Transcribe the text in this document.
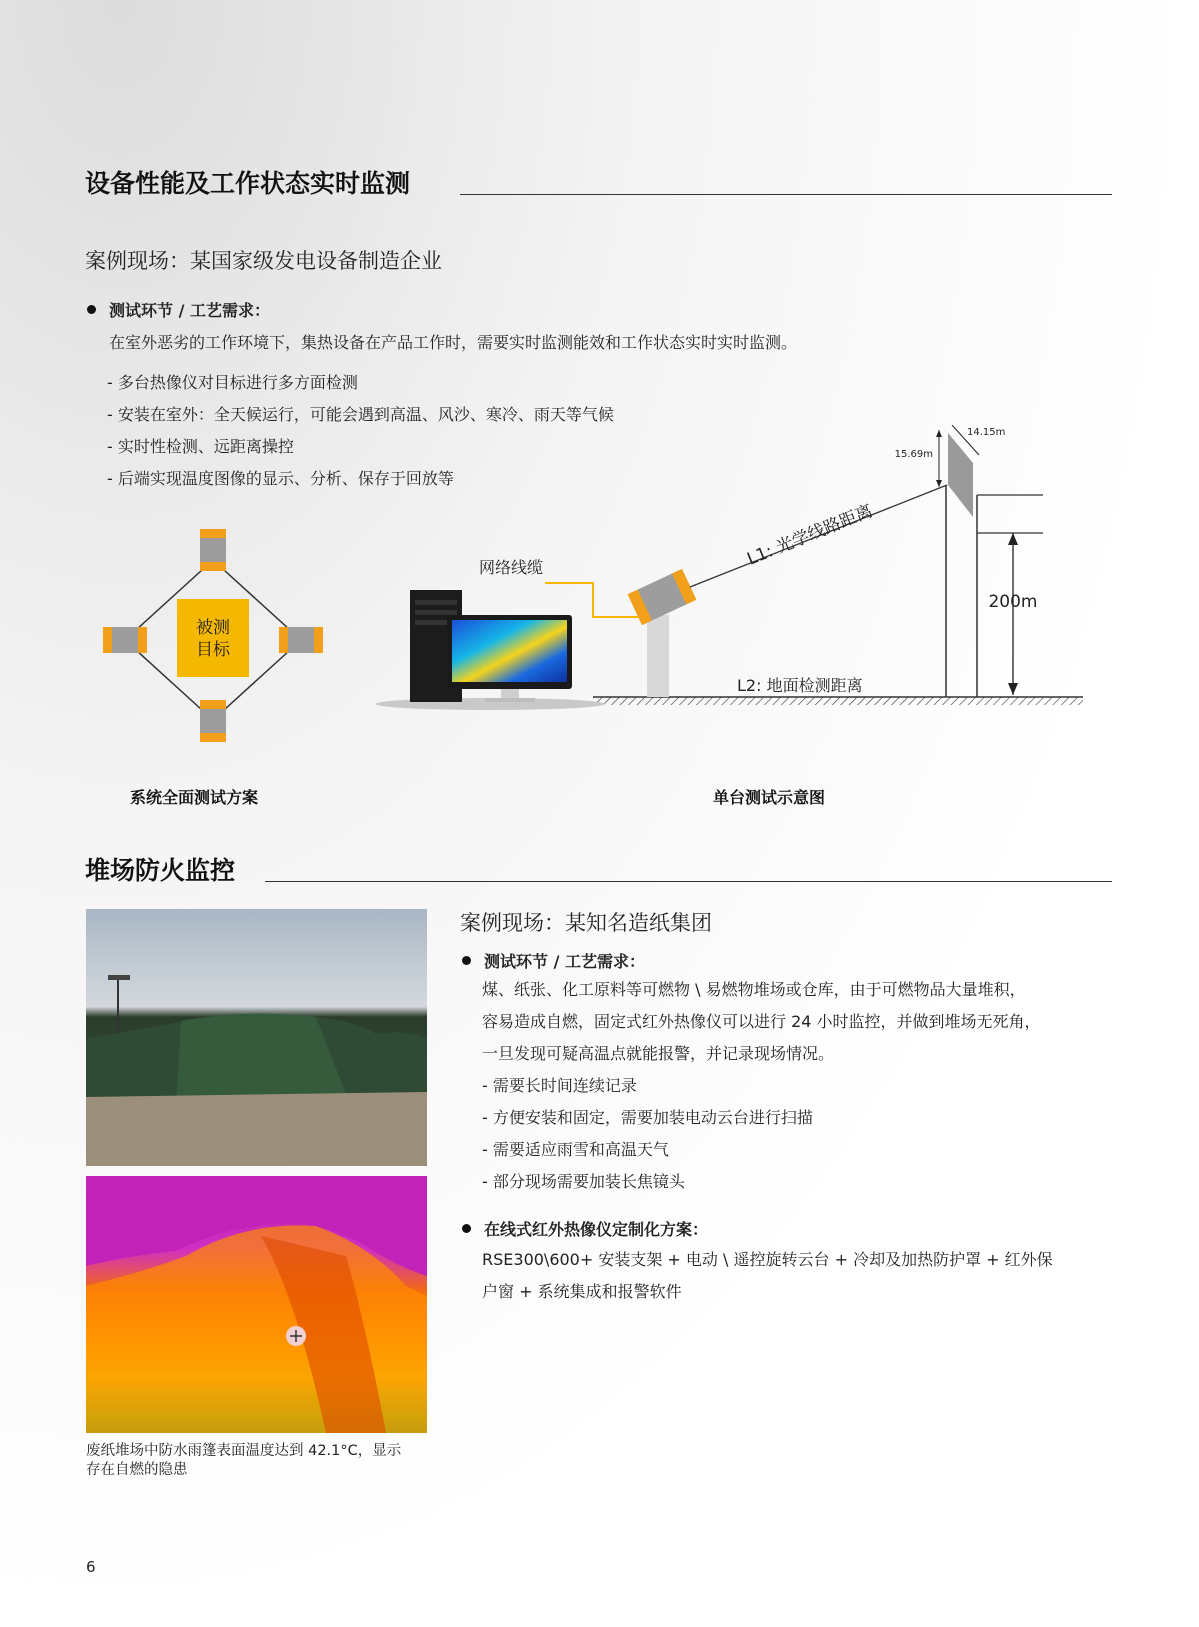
设备性能及工作状态实时监测
案例现场：某国家级发电设备制造企业
测试环节 / 工艺需求：
在室外恶劣的工作环境下，集热设备在产品工作时，需要实时监测能效和工作状态实时实时监测。
- 多台热像仪对目标进行多方面检测
- 安装在室外：全天候运行，可能会遇到高温、风沙、寒冷、雨天等气候
- 实时性检测、远距离操控
- 后端实现温度图像的显示、分析、保存于回放等
被测
目标
系统全面测试方案
网络线缆	L1: 光学线路距离
L2: 地面检测距离
200m
15.69m
14.15m
单台测试示意图
堆场防火监控
废纸堆场中防水雨篷表面温度达到 42.1°C，显示
存在自燃的隐患
案例现场：某知名造纸集团
测试环节 / 工艺需求：
煤、纸张、化工原料等可燃物 \ 易燃物堆场或仓库，由于可燃物品大量堆积，
容易造成自燃，固定式红外热像仪可以进行 24 小时监控，并做到堆场无死角，
一旦发现可疑高温点就能报警，并记录现场情况。
- 需要长时间连续记录
- 方便安装和固定，需要加装电动云台进行扫描
- 需要适应雨雪和高温天气
- 部分现场需要加装长焦镜头
在线式红外热像仪定制化方案：
RSE300\600+ 安装支架 + 电动 \ 遥控旋转云台 + 冷却及加热防护罩 + 红外保
户窗 + 系统集成和报警软件
6
